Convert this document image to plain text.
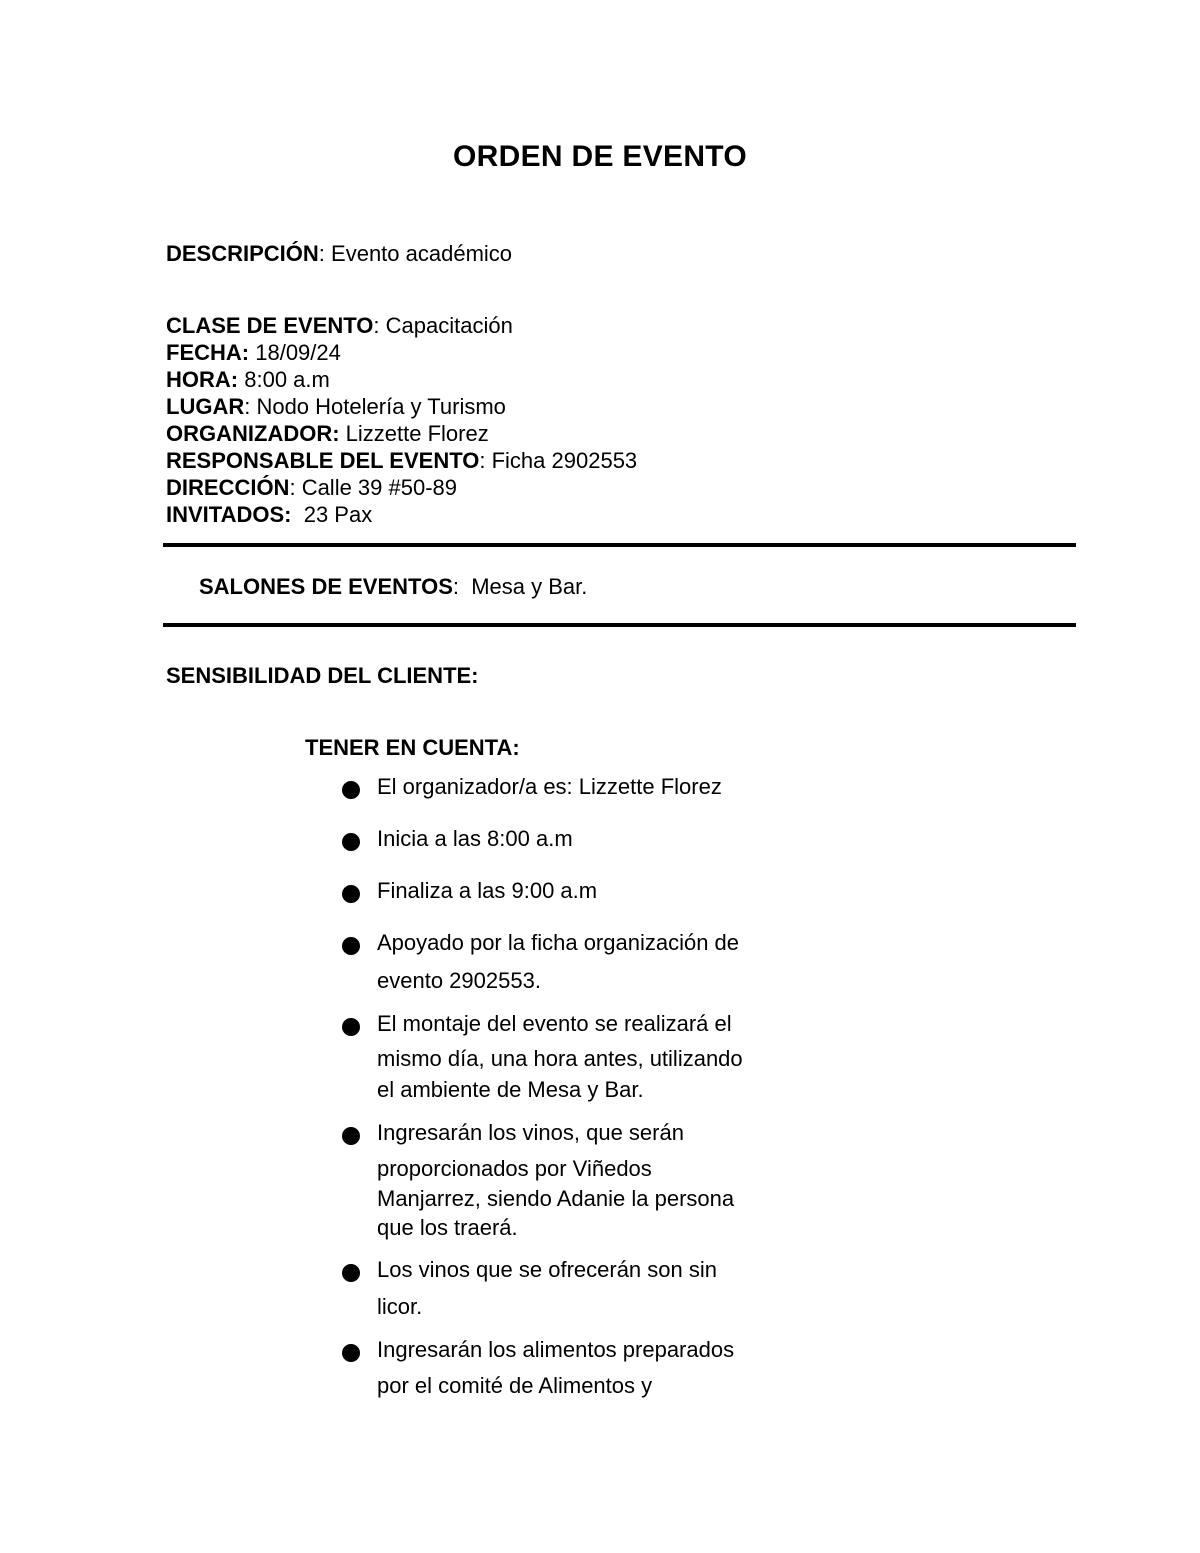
ORDEN DE EVENTO
DESCRIPCIÓN: Evento académico
CLASE DE EVENTO: Capacitación
FECHA: 18/09/24
HORA: 8:00 a.m
LUGAR: Nodo Hotelería y Turismo
ORGANIZADOR: Lizzette Florez
RESPONSABLE DEL EVENTO: Ficha 2902553
DIRECCIÓN: Calle 39 #50-89
INVITADOS: 23 Pax
SALONES DE EVENTOS:  Mesa y Bar.
SENSIBILIDAD DEL CLIENTE:
TENER EN CUENTA:
El organizador/a es: Lizzette Florez
Inicia a las 8:00 a.m
Finaliza a las 9:00 a.m
Apoyado por la ficha organización de
evento 2902553.
El montaje del evento se realizará el
mismo día, una hora antes, utilizando
el ambiente de Mesa y Bar.
Ingresarán los vinos, que serán
proporcionados por Viñedos
Manjarrez, siendo Adanie la persona
que los traerá.
Los vinos que se ofrecerán son sin
licor.
Ingresarán los alimentos preparados
por el comité de Alimentos y
